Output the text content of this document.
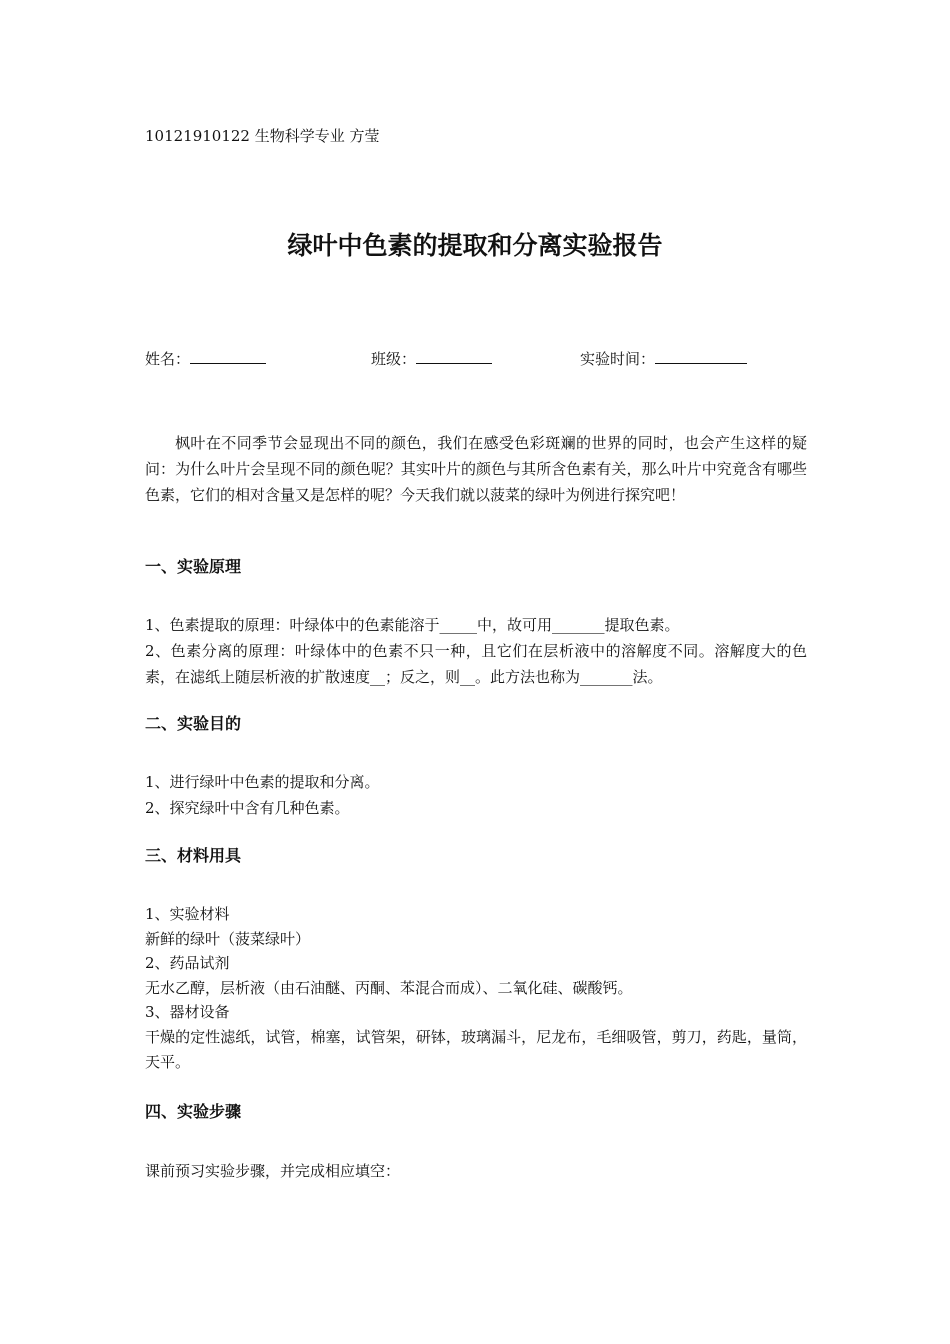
10121910122 生物科学专业 方莹
绿叶中色素的提取和分离实验报告
姓名：	班级：	实验时间：
枫叶在不同季节会显现出不同的颜色，我们在感受色彩斑斓的世界的同时，也会产生这样的疑问：为什么叶片会呈现不同的颜色呢？其实叶片的颜色与其所含色素有关，那么叶片中究竟含有哪些色素，它们的相对含量又是怎样的呢？今天我们就以菠菜的绿叶为例进行探究吧！
一、实验原理
1、色素提取的原理：叶绿体中的色素能溶于_____中，故可用_______提取色素。
2、色素分离的原理：叶绿体中的色素不只一种，且它们在层析液中的溶解度不同。溶解度大的色素，在滤纸上随层析液的扩散速度__；反之，则__。此方法也称为_______法。
二、实验目的
1、进行绿叶中色素的提取和分离。
2、探究绿叶中含有几种色素。
三、材料用具
1、实验材料
新鲜的绿叶（菠菜绿叶）
2、药品试剂
无水乙醇，层析液（由石油醚、丙酮、苯混合而成）、二氧化硅、碳酸钙。
3、器材设备
干燥的定性滤纸，试管，棉塞，试管架，研钵，玻璃漏斗，尼龙布，毛细吸管，剪刀，药匙，量筒，天平。
四、实验步骤
课前预习实验步骤，并完成相应填空：
